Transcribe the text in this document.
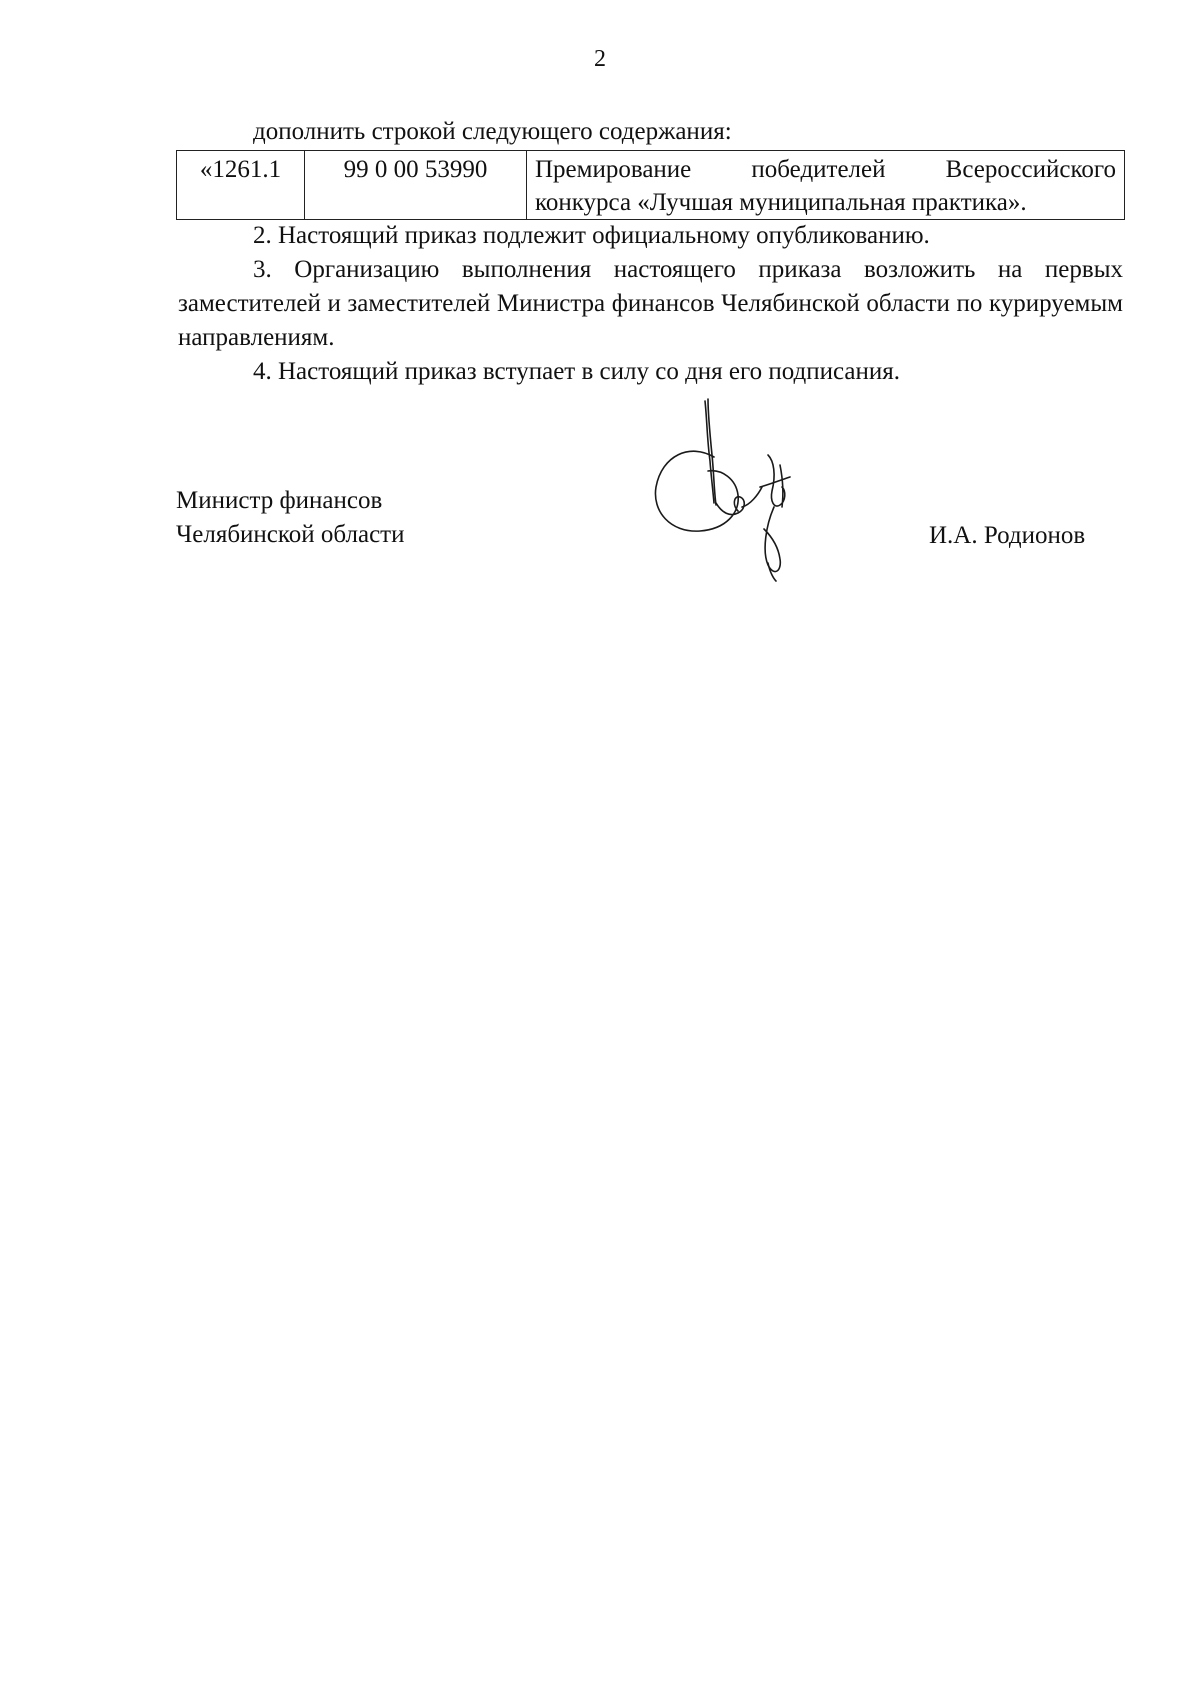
2
дополнить строкой следующего содержания:
«1261.1	99 0 00 53990	Премирование победителей Всероссийского
конкурса «Лучшая муниципальная практика».

2. Настоящий приказ подлежит официальному опубликованию.

3. Организацию выполнения настоящего приказа возложить на первых заместителей и заместителей Министра финансов Челябинской области по курируемым направлениям.

4. Настоящий приказ вступает в силу со дня его подписания.

Министр финансов
Челябинской области	И.А. Родионов
